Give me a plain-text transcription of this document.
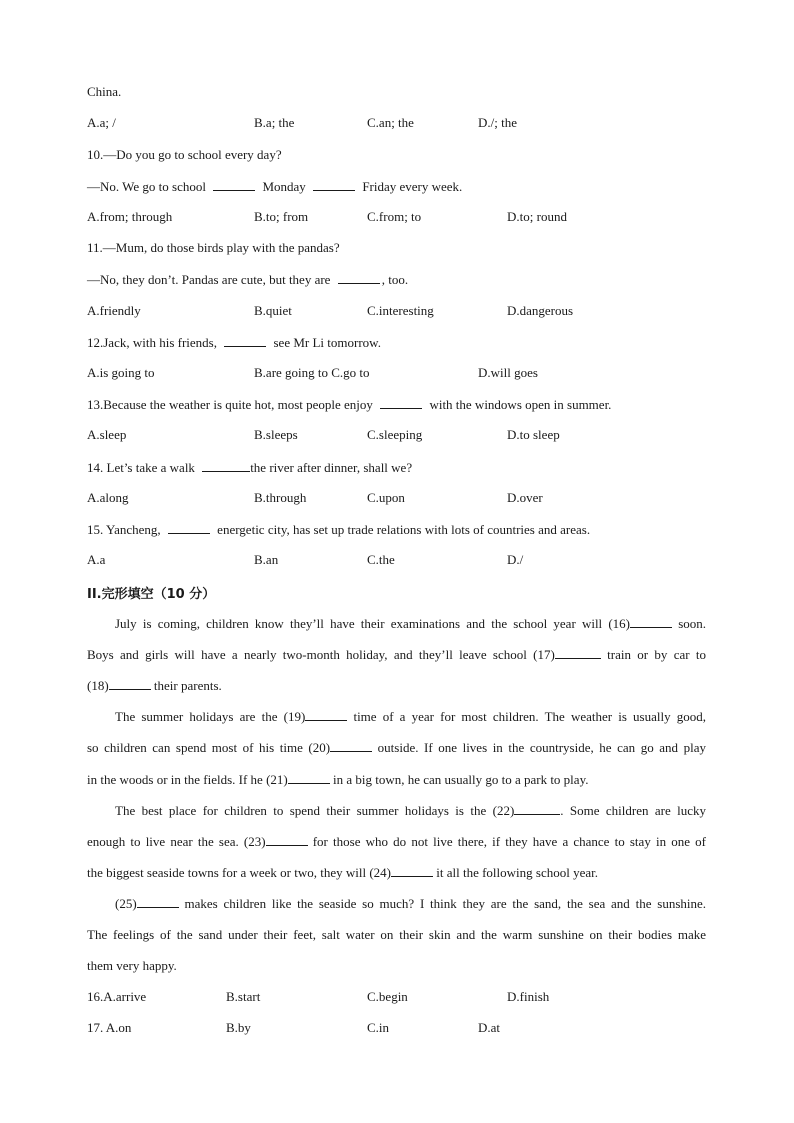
China.
A.a; /	B.a; the	C.an; the	D./; the
10.—Do you go to school every day?
—No. We go to school	Monday	Friday every week.
A.from; through	B.to; from	C.from; to	D.to; round
11.—Mum, do those birds play with the pandas?
—No, they don’t. Pandas are cute, but they are	, too.
A.friendly	B.quiet	C.interesting	D.dangerous
12.Jack, with his friends,	see Mr Li tomorrow.
A.is going to	B.are going to C.go to	D.will goes
13.Because the weather is quite hot, most people enjoy	with the windows open in summer.
A.sleep	B.sleeps	C.sleeping	D.to sleep
14. Let’s take a walk	the river after dinner, shall we?
A.along	B.through	C.upon	D.over
15. Yancheng,	energetic city, has set up trade relations with lots of countries and areas.
A.a	B.an	C.the	D./
II.完形填空（10 分）
July is coming, children know they’ll have their examinations and the school year will (16)	soon.
Boys and girls will have a nearly two-month holiday, and they’ll leave school (17)	train or by car to
(18)	their parents.
The summer holidays are the (19)	time of a year for most children. The weather is usually good,
so children can spend most of his time (20)	outside. If one lives in the countryside, he can go and play
in the woods or in the fields. If he (21)	in a big town, he can usually go to a park to play.
The best place for children to spend their summer holidays is the (22)	. Some children are lucky
enough to live near the sea. (23)	for those who do not live there, if they have a chance to stay in one of
the biggest seaside towns for a week or two, they will (24)	it all the following school year.
(25)	makes children like the seaside so much? I think they are the sand, the sea and the sunshine.
The feelings of the sand under their feet, salt water on their skin and the warm sunshine on their bodies make
them very happy.
16.A.arrive	B.start	C.begin	D.finish
17. A.on	B.by	C.in	D.at
